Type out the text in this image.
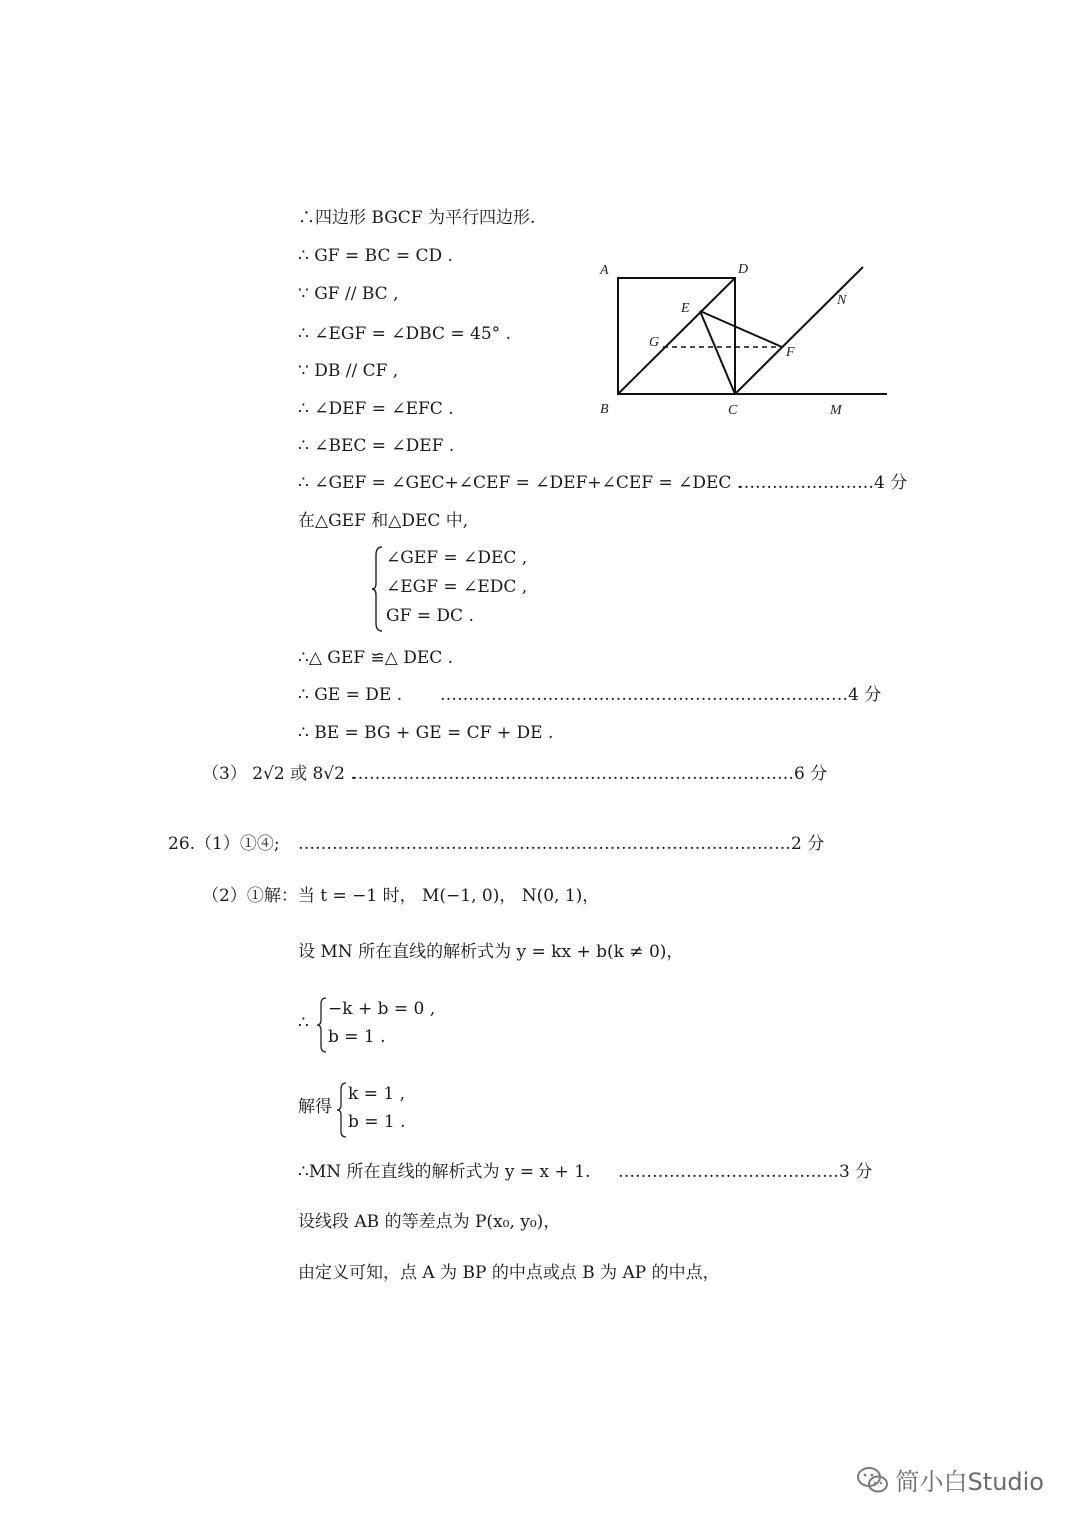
∴四边形 BGCF 为平行四边形.
∴ GF = BC = CD .
∵ GF // BC ,
∴ ∠EGF = ∠DBC = 45° .
∵ DB // CF ,
∴ ∠DEF = ∠EFC .
∴ ∠BEC = ∠DEF .
∴ ∠GEF = ∠GEC+∠CEF = ∠DEF+∠CEF = ∠DEC .
……………………4 分
在△GEF 和△DEC 中,
∠GEF = ∠DEC ,
∠EGF = ∠EDC ,
GF = DC .
∴△ GEF ≌△ DEC .
∴ GE = DE . ………………………………………………………………4 分
∴ BE = BG + GE = CF + DE .
（3） 2√2 或 8√2 .
……………………………………………………………………6 分
26.（1）①④; ……………………………………………………………………………2 分
（2）①解：当 t = −1 时， M(−1, 0)， N(0, 1)，
设 MN 所在直线的解析式为 y = kx + b(k ≠ 0)，
∴
−k + b = 0 ,
b = 1 .
解得
k = 1 ,
b = 1 .
∴MN 所在直线的解析式为 y = x + 1. …………………………………3 分
设线段 AB 的等差点为 P(x₀, y₀)，
由定义可知，点 A 为 BP 的中点或点 B 为 AP 的中点，
A	D
E
G
F
N
B	C	M
简小白Studio
